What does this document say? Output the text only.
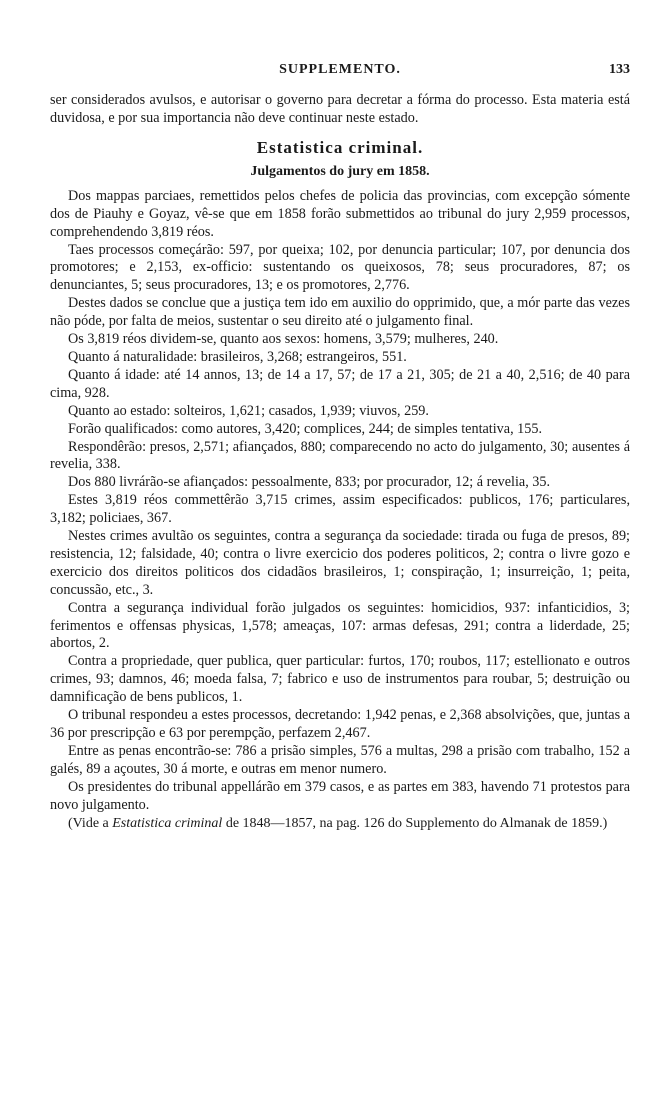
SUPPLEMENTO.	133

ser considerados avulsos, e autorisar o governo para decretar a fórma do processo. Esta materia está duvidosa, e por sua importancia não deve continuar neste estado.

Estatistica criminal.
Julgamentos do jury em 1858.

Dos mappas parciaes, remettidos pelos chefes de policia das provincias, com excepção sómente dos de Piauhy e Goyaz, vê-se que em 1858 forão submettidos ao tribunal do jury 2,959 processos, comprehendendo 3,819 réos.

Taes processos começárão: 597, por queixa; 102, por denuncia particular; 107, por denuncia dos promotores; e 2,153, ex-officio: sustentando os queixosos, 78; seus procuradores, 87; os denunciantes, 5; seus procuradores, 13; e os promotores, 2,776.

Destes dados se conclue que a justiça tem ido em auxilio do opprimido, que, a mór parte das vezes não póde, por falta de meios, sustentar o seu direito até o julgamento final.

Os 3,819 réos dividem-se, quanto aos sexos: homens, 3,579; mulheres, 240.

Quanto á naturalidade: brasileiros, 3,268; estrangeiros, 551.

Quanto á idade: até 14 annos, 13; de 14 a 17, 57; de 17 a 21, 305; de 21 a 40, 2,516; de 40 para cima, 928.

Quanto ao estado: solteiros, 1,621; casados, 1,939; viuvos, 259.

Forão qualificados: como autores, 3,420; complices, 244; de simples tentativa, 155.

Respondêrão: presos, 2,571; afiançados, 880; comparecendo no acto do julgamento, 30; ausentes á revelia, 338.

Dos 880 livrárão-se afiançados: pessoalmente, 833; por procurador, 12; á revelia, 35.

Estes 3,819 réos commettêrão 3,715 crimes, assim especificados: publicos, 176; particulares, 3,182; policiaes, 367.

Nestes crimes avultão os seguintes, contra a segurança da sociedade: tirada ou fuga de presos, 89; resistencia, 12; falsidade, 40; contra o livre exercicio dos poderes politicos, 2; contra o livre gozo e exercicio dos direitos politicos dos cidadãos brasileiros, 1; conspiração, 1; insurreição, 1; peita, concussão, etc., 3.

Contra a segurança individual forão julgados os seguintes: homicidios, 937: infanticidios, 3; ferimentos e offensas physicas, 1,578; ameaças, 107: armas defesas, 291; contra a liderdade, 25; abortos, 2.

Contra a propriedade, quer publica, quer particular: furtos, 170; roubos, 117; estellionato e outros crimes, 93; damnos, 46; moeda falsa, 7; fabrico e uso de instrumentos para roubar, 5; destruição ou damnificação de bens publicos, 1.

O tribunal respondeu a estes processos, decretando: 1,942 penas, e 2,368 absolvições, que, juntas a 36 por prescripção e 63 por perempção, perfazem 2,467.

Entre as penas encontrão-se: 786 a prisão simples, 576 a multas, 298 a prisão com trabalho, 152 a galés, 89 a açoutes, 30 á morte, e outras em menor numero.

Os presidentes do tribunal appellárão em 379 casos, e as partes em 383, havendo 71 protestos para novo julgamento.

(Vide a Estatistica criminal de 1848—1857, na pag. 126 do Supplemento do Almanak de 1859.)
